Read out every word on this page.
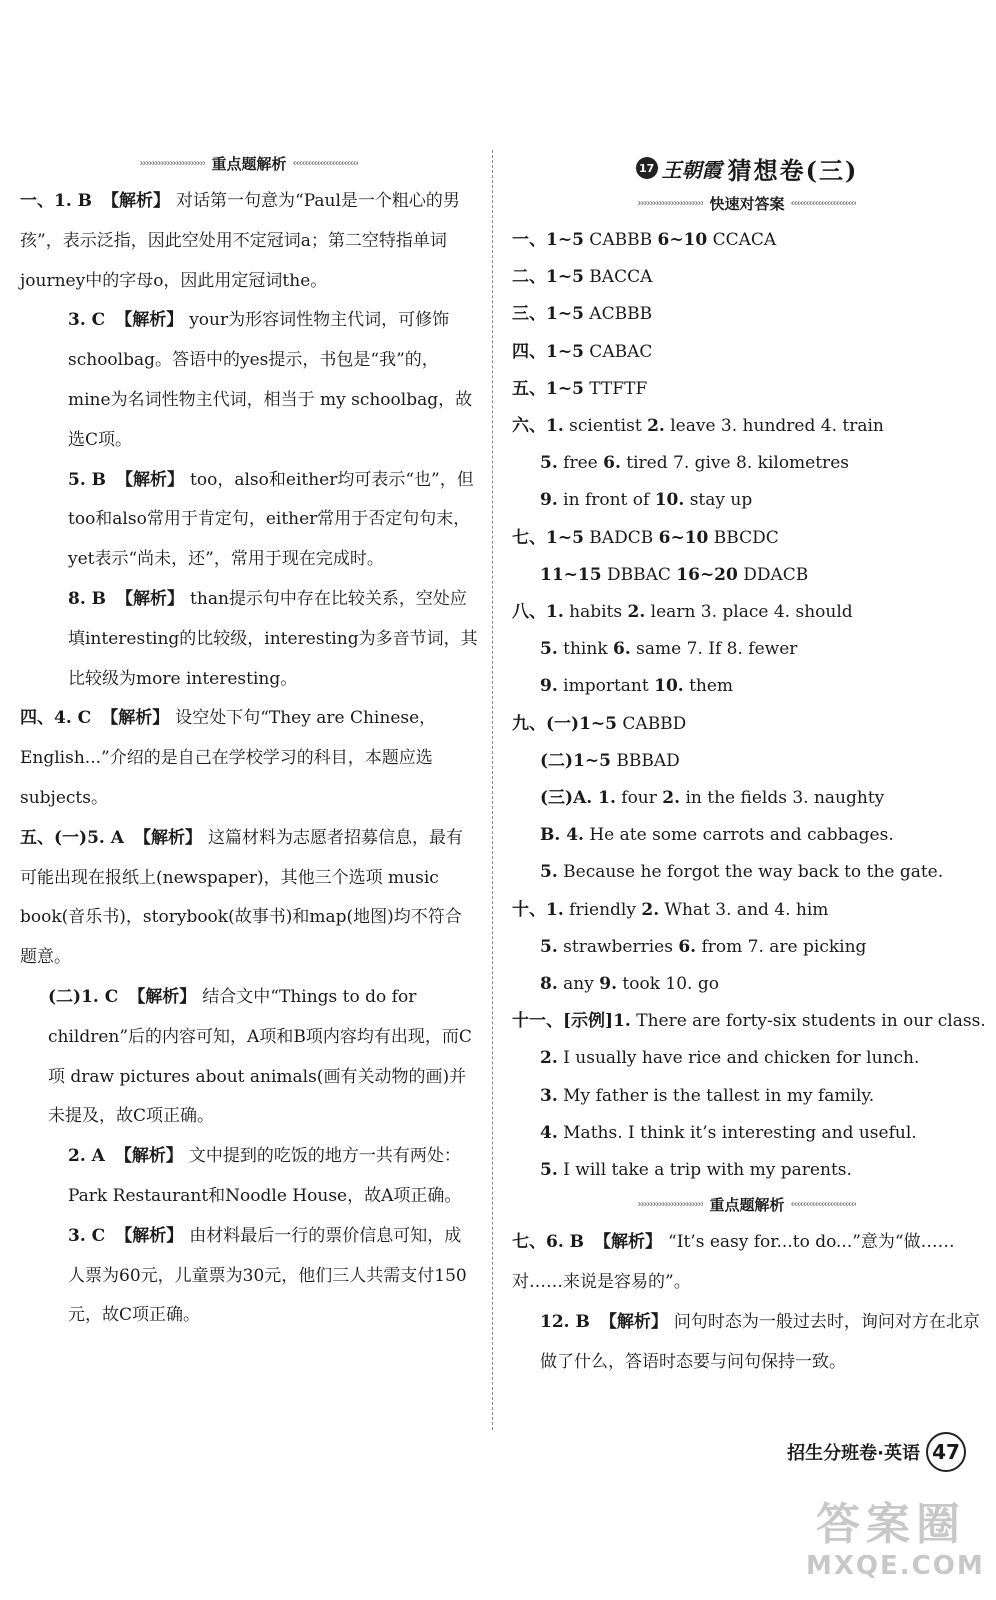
›››››››››››››››››››››› 重点题解析 ‹‹‹‹‹‹‹‹‹‹‹‹‹‹‹‹‹‹‹‹‹‹
一、1. B 【解析】 对话第一句意为“Paul是一个粗心的男孩”，表示泛指，因此空处用不定冠词a；第二空特指单词journey中的字母o，因此用定冠词the。
3. C 【解析】 your为形容词性物主代词，可修饰schoolbag。答语中的yes提示，书包是“我”的，mine为名词性物主代词，相当于 my schoolbag，故选C项。
5. B 【解析】 too，also和either均可表示“也”，但too和also常用于肯定句，either常用于否定句句末，yet表示“尚未，还”，常用于现在完成时。
8. B 【解析】 than提示句中存在比较关系，空处应填interesting的比较级，interesting为多音节词，其比较级为more interesting。
四、4. C 【解析】 设空处下句“They are Chinese，English...”介绍的是自己在学校学习的科目，本题应选subjects。
五、(一)5. A 【解析】 这篇材料为志愿者招募信息，最有可能出现在报纸上(newspaper)，其他三个选项 music book(音乐书)，storybook(故事书)和map(地图)均不符合题意。
(二)1. C 【解析】 结合文中“Things to do for children”后的内容可知，A项和B项内容均有出现，而C项 draw pictures about animals(画有关动物的画)并未提及，故C项正确。
2. A 【解析】 文中提到的吃饭的地方一共有两处：Park Restaurant和Noodle House，故A项正确。
3. C 【解析】 由材料最后一行的票价信息可知，成人票为60元，儿童票为30元，他们三人共需支付150元，故C项正确。
17 王朝霞 猜想卷(三)
›››››››››››››››››››››› 快速对答案 ‹‹‹‹‹‹‹‹‹‹‹‹‹‹‹‹‹‹‹‹‹‹
一、1~5 CABBB 6~10 CCACA
二、1~5 BACCA
三、1~5 ACBBB
四、1~5 CABAC
五、1~5 TTFTF
六、1. scientist 2. leave 3. hundred 4. train
5. free 6. tired 7. give 8. kilometres
9. in front of 10. stay up
七、1~5 BADCB 6~10 BBCDC
11~15 DBBAC 16~20 DDACB
八、1. habits 2. learn 3. place 4. should
5. think 6. same 7. If 8. fewer
9. important 10. them
九、(一)1~5 CABBD
(二)1~5 BBBAD
(三)A. 1. four 2. in the fields 3. naughty
B. 4. He ate some carrots and cabbages.
5. Because he forgot the way back to the gate.
十、1. friendly 2. What 3. and 4. him
5. strawberries 6. from 7. are picking
8. any 9. took 10. go
十一、[示例]1. There are forty-six students in our class.
2. I usually have rice and chicken for lunch.
3. My father is the tallest in my family.
4. Maths. I think it’s interesting and useful.
5. I will take a trip with my parents.
›››››››››››››››››››››› 重点题解析 ‹‹‹‹‹‹‹‹‹‹‹‹‹‹‹‹‹‹‹‹‹‹
七、6. B 【解析】 “It’s easy for...to do...”意为“做……对……来说是容易的”。
12. B 【解析】 问句时态为一般过去时，询问对方在北京做了什么，答语时态要与问句保持一致。
招生分班卷·英语 47
答案圈
MXQE.COM
